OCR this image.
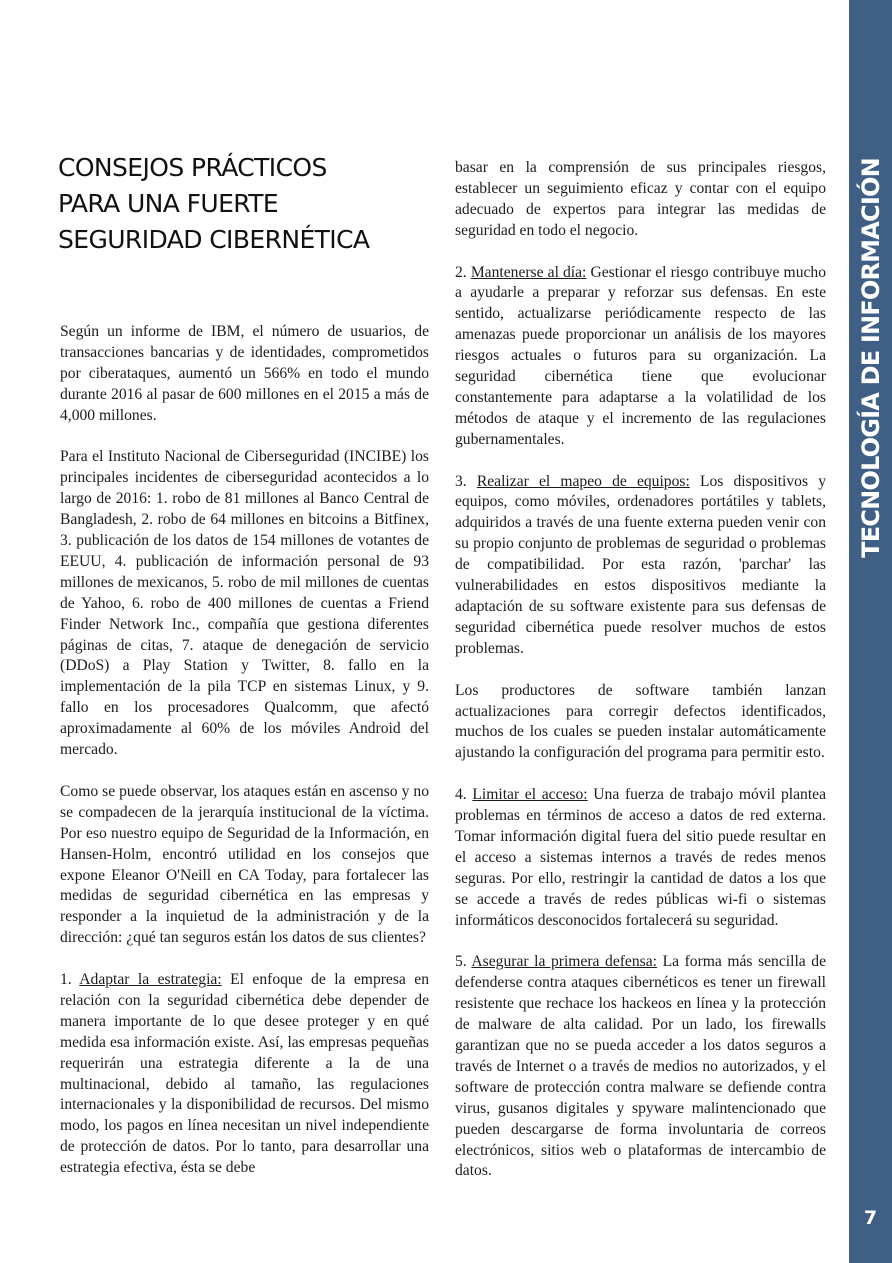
TECNOLOGÍA DE INFORMACIÓN
7
CONSEJOS PRÁCTICOS
PARA UNA FUERTE
SEGURIDAD CIBERNÉTICA

Según un informe de IBM, el número de usuarios, de transacciones bancarias y de identidades, comprometidos por ciberataques, aumentó un 566% en todo el mundo durante 2016 al pasar de 600 millones en el 2015 a más de 4,000 millones.

Para el Instituto Nacional de Ciberseguridad (INCIBE) los principales incidentes de ciberseguridad acontecidos a lo largo de 2016: 1. robo de 81 millones al Banco Central de Bangladesh, 2. robo de 64 millones en bitcoins a Bitfinex, 3. publicación de los datos de 154 millones de votantes de EEUU, 4. publicación de información personal de 93 millones de mexicanos, 5. robo de mil millones de cuentas de Yahoo, 6. robo de 400 millones de cuentas a Friend Finder Network Inc., compañía que gestiona diferentes páginas de citas, 7. ataque de denegación de servicio (DDoS) a Play Station y Twitter, 8. fallo en la implementación de la pila TCP en sistemas Linux, y 9. fallo en los procesadores Qualcomm, que afectó aproximadamente al 60% de los móviles Android del mercado.

Como se puede observar, los ataques están en ascenso y no se compadecen de la jerarquía institucional de la víctima. Por eso nuestro equipo de Seguridad de la Información, en Hansen-Holm, encontró utilidad en los consejos que expone Eleanor O'Neill en CA Today, para fortalecer las medidas de seguridad cibernética en las empresas y responder a la inquietud de la administración y de la dirección: ¿qué tan seguros están los datos de sus clientes?

1. Adaptar la estrategia: El enfoque de la empresa en relación con la seguridad cibernética debe depender de manera importante de lo que desee proteger y en qué medida esa información existe. Así, las empresas pequeñas requerirán una estrategia diferente a la de una multinacional, debido al tamaño, las regulaciones internacionales y la disponibilidad de recursos. Del mismo modo, los pagos en línea necesitan un nivel independiente de protección de datos. Por lo tanto, para desarrollar una estrategia efectiva, ésta se debe

basar en la comprensión de sus principales riesgos, establecer un seguimiento eficaz y contar con el equipo adecuado de expertos para integrar las medidas de seguridad en todo el negocio.

2. Mantenerse al día: Gestionar el riesgo contribuye mucho a ayudarle a preparar y reforzar sus defensas. En este sentido, actualizarse periódicamente respecto de las amenazas puede proporcionar un análisis de los mayores riesgos actuales o futuros para su organización. La seguridad cibernética tiene que evolucionar constantemente para adaptarse a la volatilidad de los métodos de ataque y el incremento de las regulaciones gubernamentales.

3. Realizar el mapeo de equipos: Los dispositivos y equipos, como móviles, ordenadores portátiles y tablets, adquiridos a través de una fuente externa pueden venir con su propio conjunto de problemas de seguridad o problemas de compatibilidad. Por esta razón, 'parchar' las vulnerabilidades en estos dispositivos mediante la adaptación de su software existente para sus defensas de seguridad cibernética puede resolver muchos de estos problemas.

Los productores de software también lanzan actualizaciones para corregir defectos identificados, muchos de los cuales se pueden instalar automáticamente ajustando la configuración del programa para permitir esto.

4. Limitar el acceso: Una fuerza de trabajo móvil plantea problemas en términos de acceso a datos de red externa. Tomar información digital fuera del sitio puede resultar en el acceso a sistemas internos a través de redes menos seguras. Por ello, restringir la cantidad de datos a los que se accede a través de redes públicas wi-fi o sistemas informáticos desconocidos fortalecerá su seguridad.

5. Asegurar la primera defensa: La forma más sencilla de defenderse contra ataques cibernéticos es tener un firewall resistente que rechace los hackeos en línea y la protección de malware de alta calidad. Por un lado, los firewalls garantizan que no se pueda acceder a los datos seguros a través de Internet o a través de medios no autorizados, y el software de protección contra malware se defiende contra virus, gusanos digitales y spyware malintencionado que pueden descargarse de forma involuntaria de correos electrónicos, sitios web o plataformas de intercambio de datos.
